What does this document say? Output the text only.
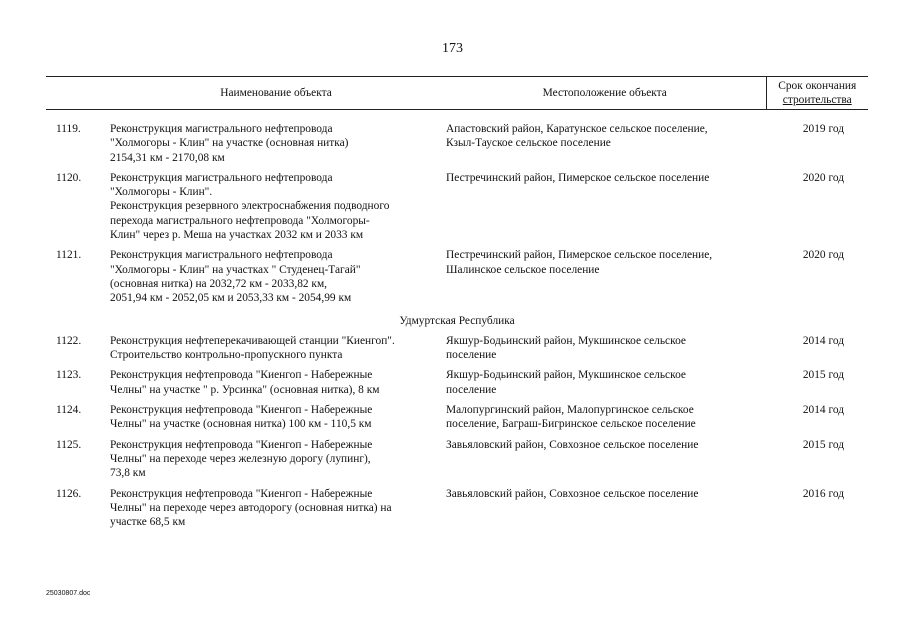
173
	Наименование объекта	Местоположение объекта	Срок окончания
строительства

1119.	Реконструкция магистрального нефтепровода
"Холмогоры - Клин" на участке (основная нитка)
2154,31 км - 2170,08 км	Апастовский район, Каратунское сельское поселение,
Кзыл-Тауское сельское поселение	2019 год
1120.	Реконструкция магистрального нефтепровода
"Холмогоры - Клин".
Реконструкция резервного электроснабжения подводного
перехода магистрального нефтепровода "Холмогоры-
Клин" через р. Меша на участках 2032 км и 2033 км	Пестречинский район, Пимерское сельское поселение	2020 год
1121.	Реконструкция магистрального нефтепровода
"Холмогоры - Клин" на участках " Студенец-Тагай"
(основная нитка) на 2032,72 км - 2033,82 км,
2051,94 км - 2052,05 км и 2053,33 км - 2054,99 км	Пестречинский район, Пимерское сельское поселение,
Шалинское сельское поселение	2020 год
Удмуртская Республика			
1122.	Реконструкция нефтеперекачивающей станции "Киенгоп".
Строительство контрольно-пропускного пункта	Якшур-Бодьинский район, Мукшинское сельское
поселение	2014 год
1123.	Реконструкция нефтепровода "Киенгоп - Набережные
Челны" на участке " р. Урсинка" (основная нитка), 8 км	Якшур-Бодьинский район, Мукшинское сельское
поселение	2015 год
1124.	Реконструкция нефтепровода "Киенгоп - Набережные
Челны" на участке (основная нитка) 100 км - 110,5 км	Малопургинский район, Малопургинское сельское
поселение, Баграш-Бигринское сельское поселение	2014 год
1125.	Реконструкция нефтепровода "Киенгоп - Набережные
Челны" на переходе через железную дорогу (лупинг),
73,8 км	Завьяловский район, Совхозное сельское поселение	2015 год
1126.	Реконструкция нефтепровода "Киенгоп - Набережные
Челны" на переходе через автодорогу (основная нитка) на
участке 68,5 км	Завьяловский район, Совхозное сельское поселение	2016 год
25030807.doc
